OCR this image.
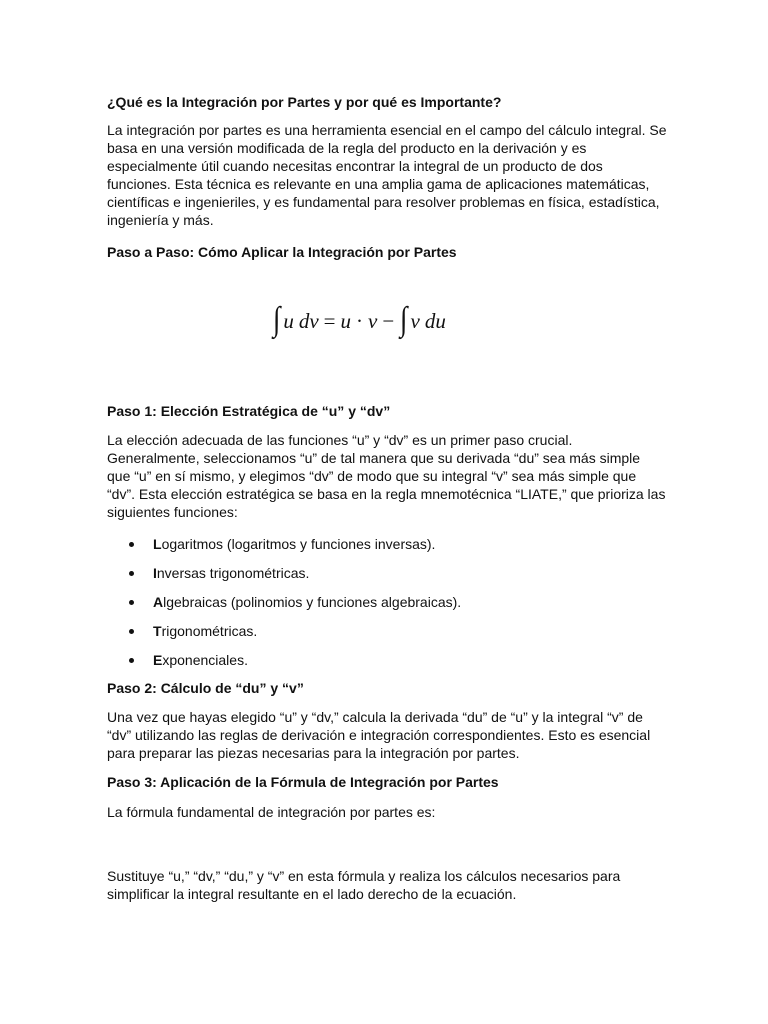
¿Qué es la Integración por Partes y por qué es Importante?

La integración por partes es una herramienta esencial en el campo del cálculo integral. Se basa en una versión modificada de la regla del producto en la derivación y es especialmente útil cuando necesitas encontrar la integral de un producto de dos funciones. Esta técnica es relevante en una amplia gama de aplicaciones matemáticas, científicas e ingenieriles, y es fundamental para resolver problemas en física, estadística, ingeniería y más.

Paso a Paso: Cómo Aplicar la Integración por Partes
∫ u dv = u · v − ∫ v du
Paso 1: Elección Estratégica de “u” y “dv”

La elección adecuada de las funciones “u” y “dv” es un primer paso crucial. Generalmente, seleccionamos “u” de tal manera que su derivada “du” sea más simple que “u” en sí mismo, y elegimos “dv” de modo que su integral “v” sea más simple que “dv”. Esta elección estratégica se basa en la regla mnemotécnica “LIATE,” que prioriza las siguientes funciones:

Logaritmos (logaritmos y funciones inversas).
Inversas trigonométricas.
Algebraicas (polinomios y funciones algebraicas).
Trigonométricas.
Exponenciales.
Paso 2: Cálculo de “du” y “v”

Una vez que hayas elegido “u” y “dv,” calcula la derivada “du” de “u” y la integral “v” de “dv” utilizando las reglas de derivación e integración correspondientes. Esto es esencial para preparar las piezas necesarias para la integración por partes.

Paso 3: Aplicación de la Fórmula de Integración por Partes

La fórmula fundamental de integración por partes es:

Sustituye “u,” “dv,” “du,” y “v” en esta fórmula y realiza los cálculos necesarios para simplificar la integral resultante en el lado derecho de la ecuación.
